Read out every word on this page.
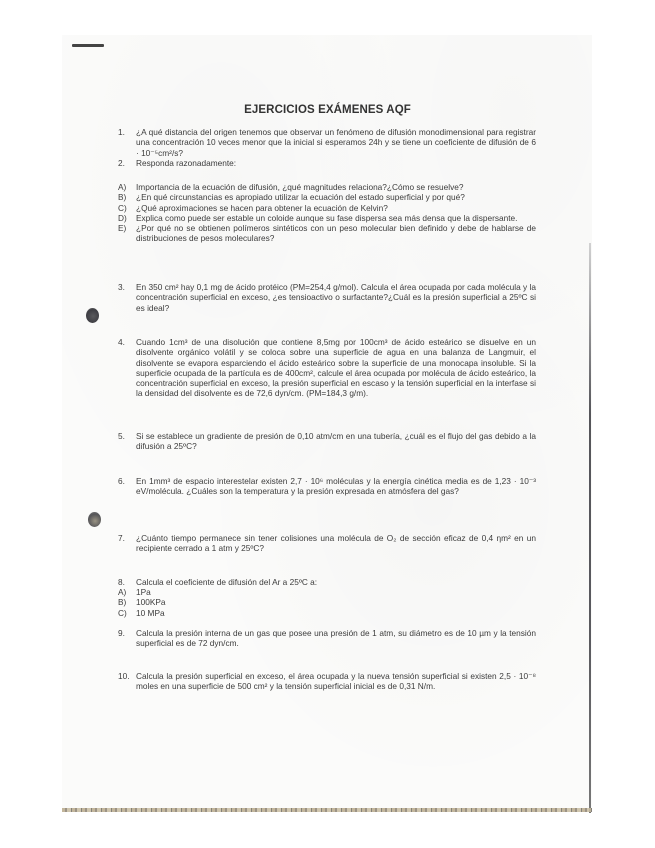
EJERCICIOS EXÁMENES AQF
1. ¿A qué distancia del origen tenemos que observar un fenómeno de difusión monodimensional para registrar una concentración 10 veces menor que la inicial si esperamos 24h y se tiene un coeficiente de difusión de 6 · 10⁻⁵cm²/s?
2. Responda razonadamente:
A) Importancia de la ecuación de difusión, ¿qué magnitudes relaciona?¿Cómo se resuelve?
B) ¿En qué circunstancias es apropiado utilizar la ecuación del estado superficial y por qué?
C) ¿Qué aproximaciones se hacen para obtener la ecuación de Kelvin?
D) Explica como puede ser estable un coloide aunque su fase dispersa sea más densa que la dispersante.
E) ¿Por qué no se obtienen polímeros sintéticos con un peso molecular bien definido y debe de hablarse de distribuciones de pesos moleculares?
3. En 350 cm² hay 0,1 mg de ácido protéico (PM=254,4 g/mol). Calcula el área ocupada por cada molécula y la concentración superficial en exceso, ¿es tensioactivo o surfactante?¿Cuál es la presión superficial a 25ºC si es ideal?
4. Cuando 1cm³ de una disolución que contiene 8,5mg por 100cm³ de ácido esteárico se disuelve en un disolvente orgánico volátil y se coloca sobre una superficie de agua en una balanza de Langmuir, el disolvente se evapora esparciendo el ácido esteárico sobre la superficie de una monocapa insoluble. Si la superficie ocupada de la partícula es de 400cm², calcule el área ocupada por molécula de ácido esteárico, la concentración superficial en exceso, la presión superficial en escaso y la tensión superficial en la interfase si la densidad del disolvente es de 72,6 dyn/cm. (PM=184,3 g/m).
5. Si se establece un gradiente de presión de 0,10 atm/cm en una tubería, ¿cuál es el flujo del gas debido a la difusión a 25ºC?
6. En 1mm³ de espacio interestelar existen 2,7 · 10⁶ moléculas y la energía cinética media es de 1,23 · 10⁻³ eV/molécula. ¿Cuáles son la temperatura y la presión expresada en atmósfera del gas?
7. ¿Cuánto tiempo permanece sin tener colisiones una molécula de O₂ de sección eficaz de 0,4 ηm² en un recipiente cerrado a 1 atm y 25ºC?
8. Calcula el coeficiente de difusión del Ar a 25ºC a:
A) 1Pa
B) 100KPa
C) 10 MPa
9. Calcula la presión interna de un gas que posee una presión de 1 atm, su diámetro es de 10 µm y la tensión superficial es de 72 dyn/cm.
10. Calcula la presión superficial en exceso, el área ocupada y la nueva tensión superficial si existen 2,5 · 10⁻⁸ moles en una superficie de 500 cm² y la tensión superficial inicial es de 0,31 N/m.
